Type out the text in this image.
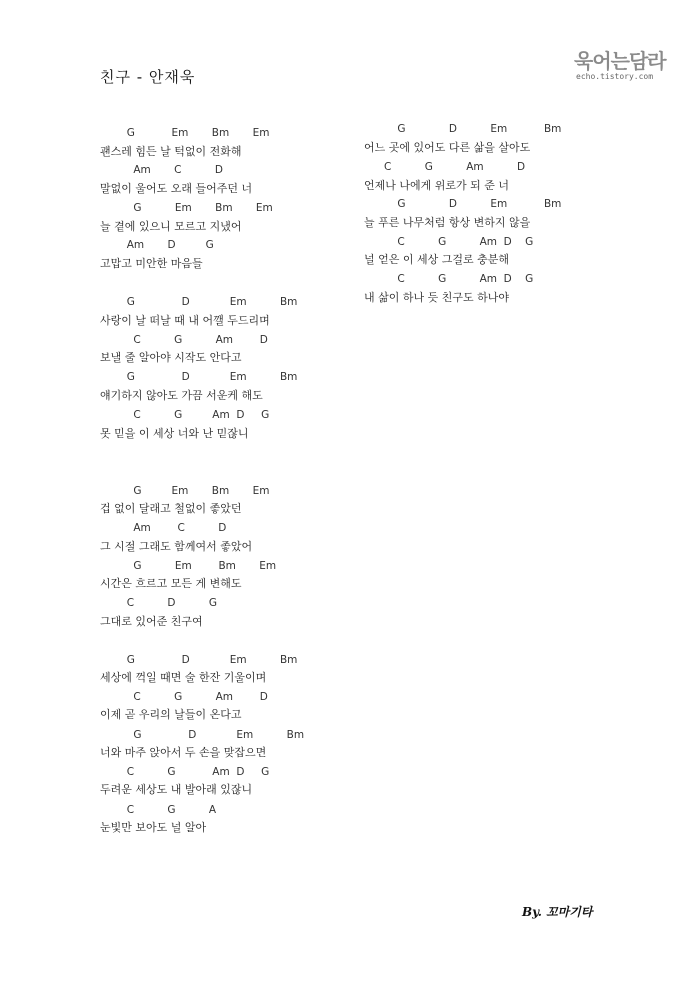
친구 - 안재욱
욱어는담라
echo.tistory.com
G           Em       Bm       Em
괜스레 힘든 날 턱없이 전화해
Am       C          D
말없이 울어도 오래 들어주던 너
G          Em       Bm       Em
늘 곁에 있으니 모르고 지냈어
Am       D         G
고맙고 미안한 마음들
G              D            Em          Bm
사랑이 날 떠날 때 내 어깰 두드리며
C          G          Am        D
보낼 줄 알아야 시작도 안다고
G              D            Em          Bm
얘기하지 않아도 가끔 서운케 해도
C          G         Am  D     G
못 믿을 이 세상 너와 난 믿잖니
G         Em       Bm       Em
겁 없이 달래고 철없이 좋았던
Am        C          D
그 시절 그래도 함께여서 좋았어
G          Em        Bm       Em
시간은 흐르고 모든 게 변해도
C          D          G
그대로 있어준 친구여
G              D            Em          Bm
세상에 꺽일 때면 술 한잔 기울이며
C          G          Am        D
이제 곧 우리의 날들이 온다고
G              D            Em          Bm
너와 마주 앉아서 두 손을 맞잡으면
C          G           Am  D     G
두려운 세상도 내 발아래 있잖니
C          G          A
눈빛만 보아도 널 알아
G             D          Em           Bm
어느 곳에 있어도 다른 삶을 살아도
C          G          Am          D
언제나 나에게 위로가 되 준 너
G             D          Em           Bm
늘 푸른 나무처럼 항상 변하지 않을
C          G          Am  D    G
널 얻은 이 세상 그걸로 충분해
C          G          Am  D    G
내 삶이 하나 듯 친구도 하나야
By. 꼬마기타
